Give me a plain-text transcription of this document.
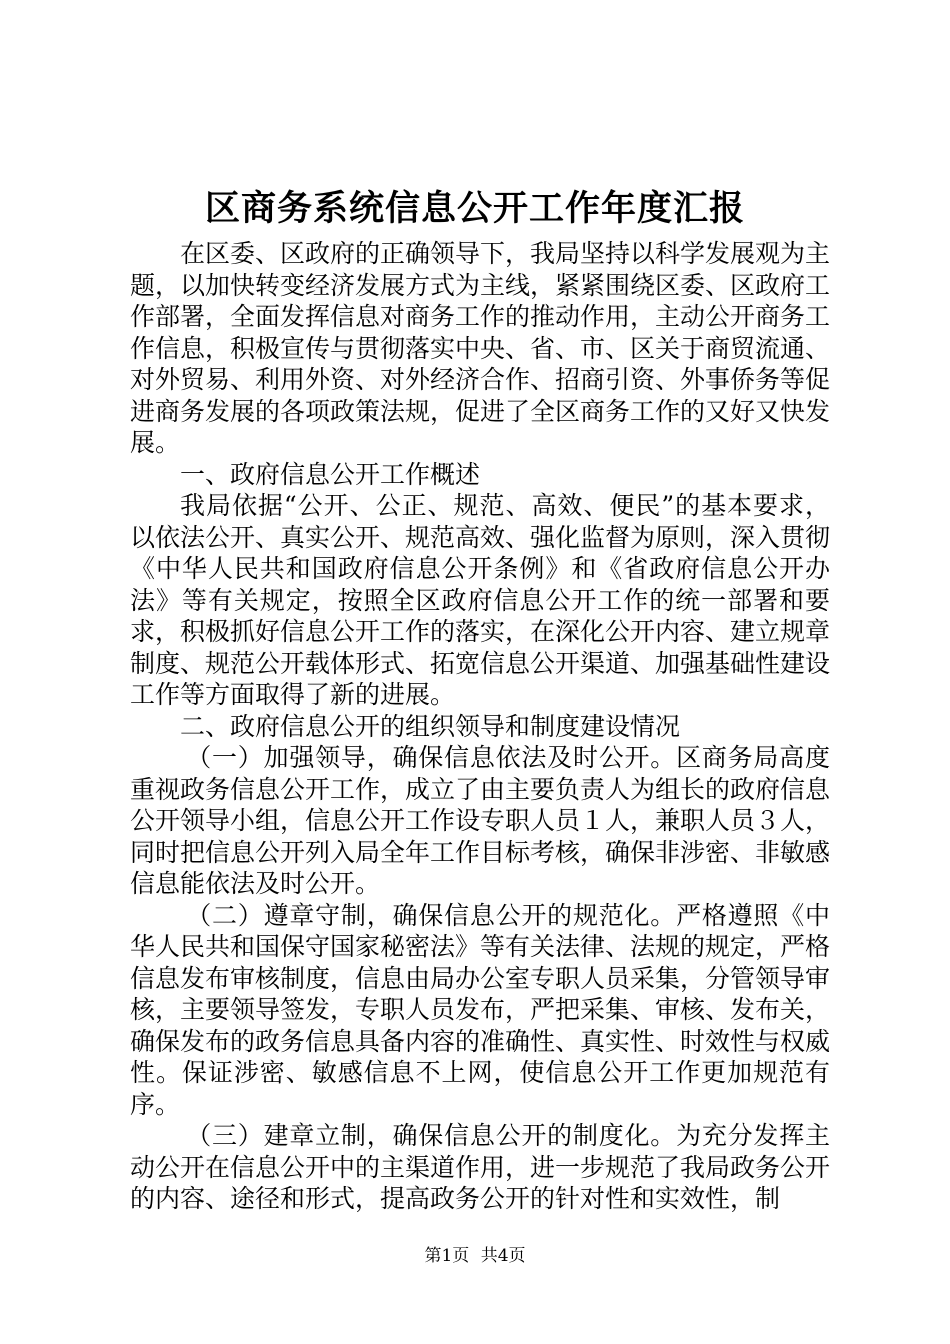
区商务系统信息公开工作年度汇报

在区委、区政府的正确领导下，我局坚持以科学发展观为主题，以加快转变经济发展方式为主线，紧紧围绕区委、区政府工作部署，全面发挥信息对商务工作的推动作用，主动公开商务工作信息，积极宣传与贯彻落实中央、省、市、区关于商贸流通、对外贸易、利用外资、对外经济合作、招商引资、外事侨务等促进商务发展的各项政策法规，促进了全区商务工作的又好又快发展。

一、政府信息公开工作概述

我局依据“公开、公正、规范、高效、便民”的基本要求，以依法公开、真实公开、规范高效、强化监督为原则，深入贯彻《中华人民共和国政府信息公开条例》和《省政府信息公开办法》等有关规定，按照全区政府信息公开工作的统一部署和要求，积极抓好信息公开工作的落实，在深化公开内容、建立规章制度、规范公开载体形式、拓宽信息公开渠道、加强基础性建设工作等方面取得了新的进展。

二、政府信息公开的组织领导和制度建设情况

（一）加强领导，确保信息依法及时公开。区商务局高度重视政务信息公开工作，成立了由主要负责人为组长的政府信息公开领导小组，信息公开工作设专职人员１人，兼职人员３人，同时把信息公开列入局全年工作目标考核，确保非涉密、非敏感信息能依法及时公开。

（二）遵章守制，确保信息公开的规范化。严格遵照《中华人民共和国保守国家秘密法》等有关法律、法规的规定，严格信息发布审核制度，信息由局办公室专职人员采集，分管领导审核，主要领导签发，专职人员发布，严把采集、审核、发布关，确保发布的政务信息具备内容的准确性、真实性、时效性与权威性。保证涉密、敏感信息不上网，使信息公开工作更加规范有序。

（三）建章立制，确保信息公开的制度化。为充分发挥主动公开在信息公开中的主渠道作用，进一步规范了我局政务公开的内容、途径和形式，提高政务公开的针对性和实效性，制

第1页 共4页
